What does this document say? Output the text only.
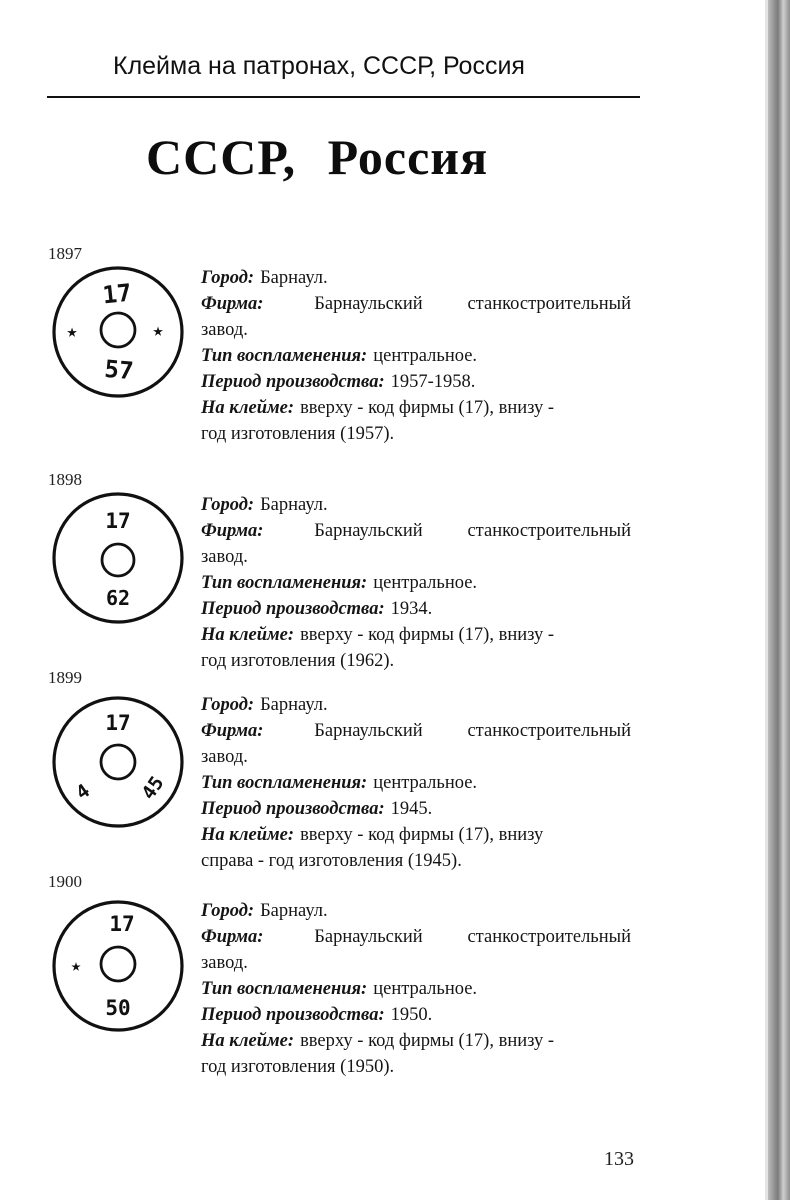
Клейма на патронах, СССР, Россия
СССР, Россия
1897
17
57
★	★
Город: Барнаул.
Фирма:	Барнаульский станкостроительный
завод.
Тип воспламенения: центральное.
Период производства: 1957-1958.
На клейме: вверху - код фирмы (17), внизу -
год изготовления (1957).
1898
17
62
Город: Барнаул.
Фирма:	Барнаульский станкостроительный
завод.
Тип воспламенения: центральное.
Период производства: 1934.
На клейме: вверху - код фирмы (17), внизу -
год изготовления (1962).
1899
17
4 45
Город: Барнаул.
Фирма:	Барнаульский станкостроительный
завод.
Тип воспламенения: центральное.
Период производства: 1945.
На клейме: вверху - код фирмы (17), внизу
справа - год изготовления (1945).
1900
17
50
★
Город: Барнаул.
Фирма:	Барнаульский станкостроительный
завод.
Тип воспламенения: центральное.
Период производства: 1950.
На клейме: вверху - код фирмы (17), внизу -
год изготовления (1950).
133
